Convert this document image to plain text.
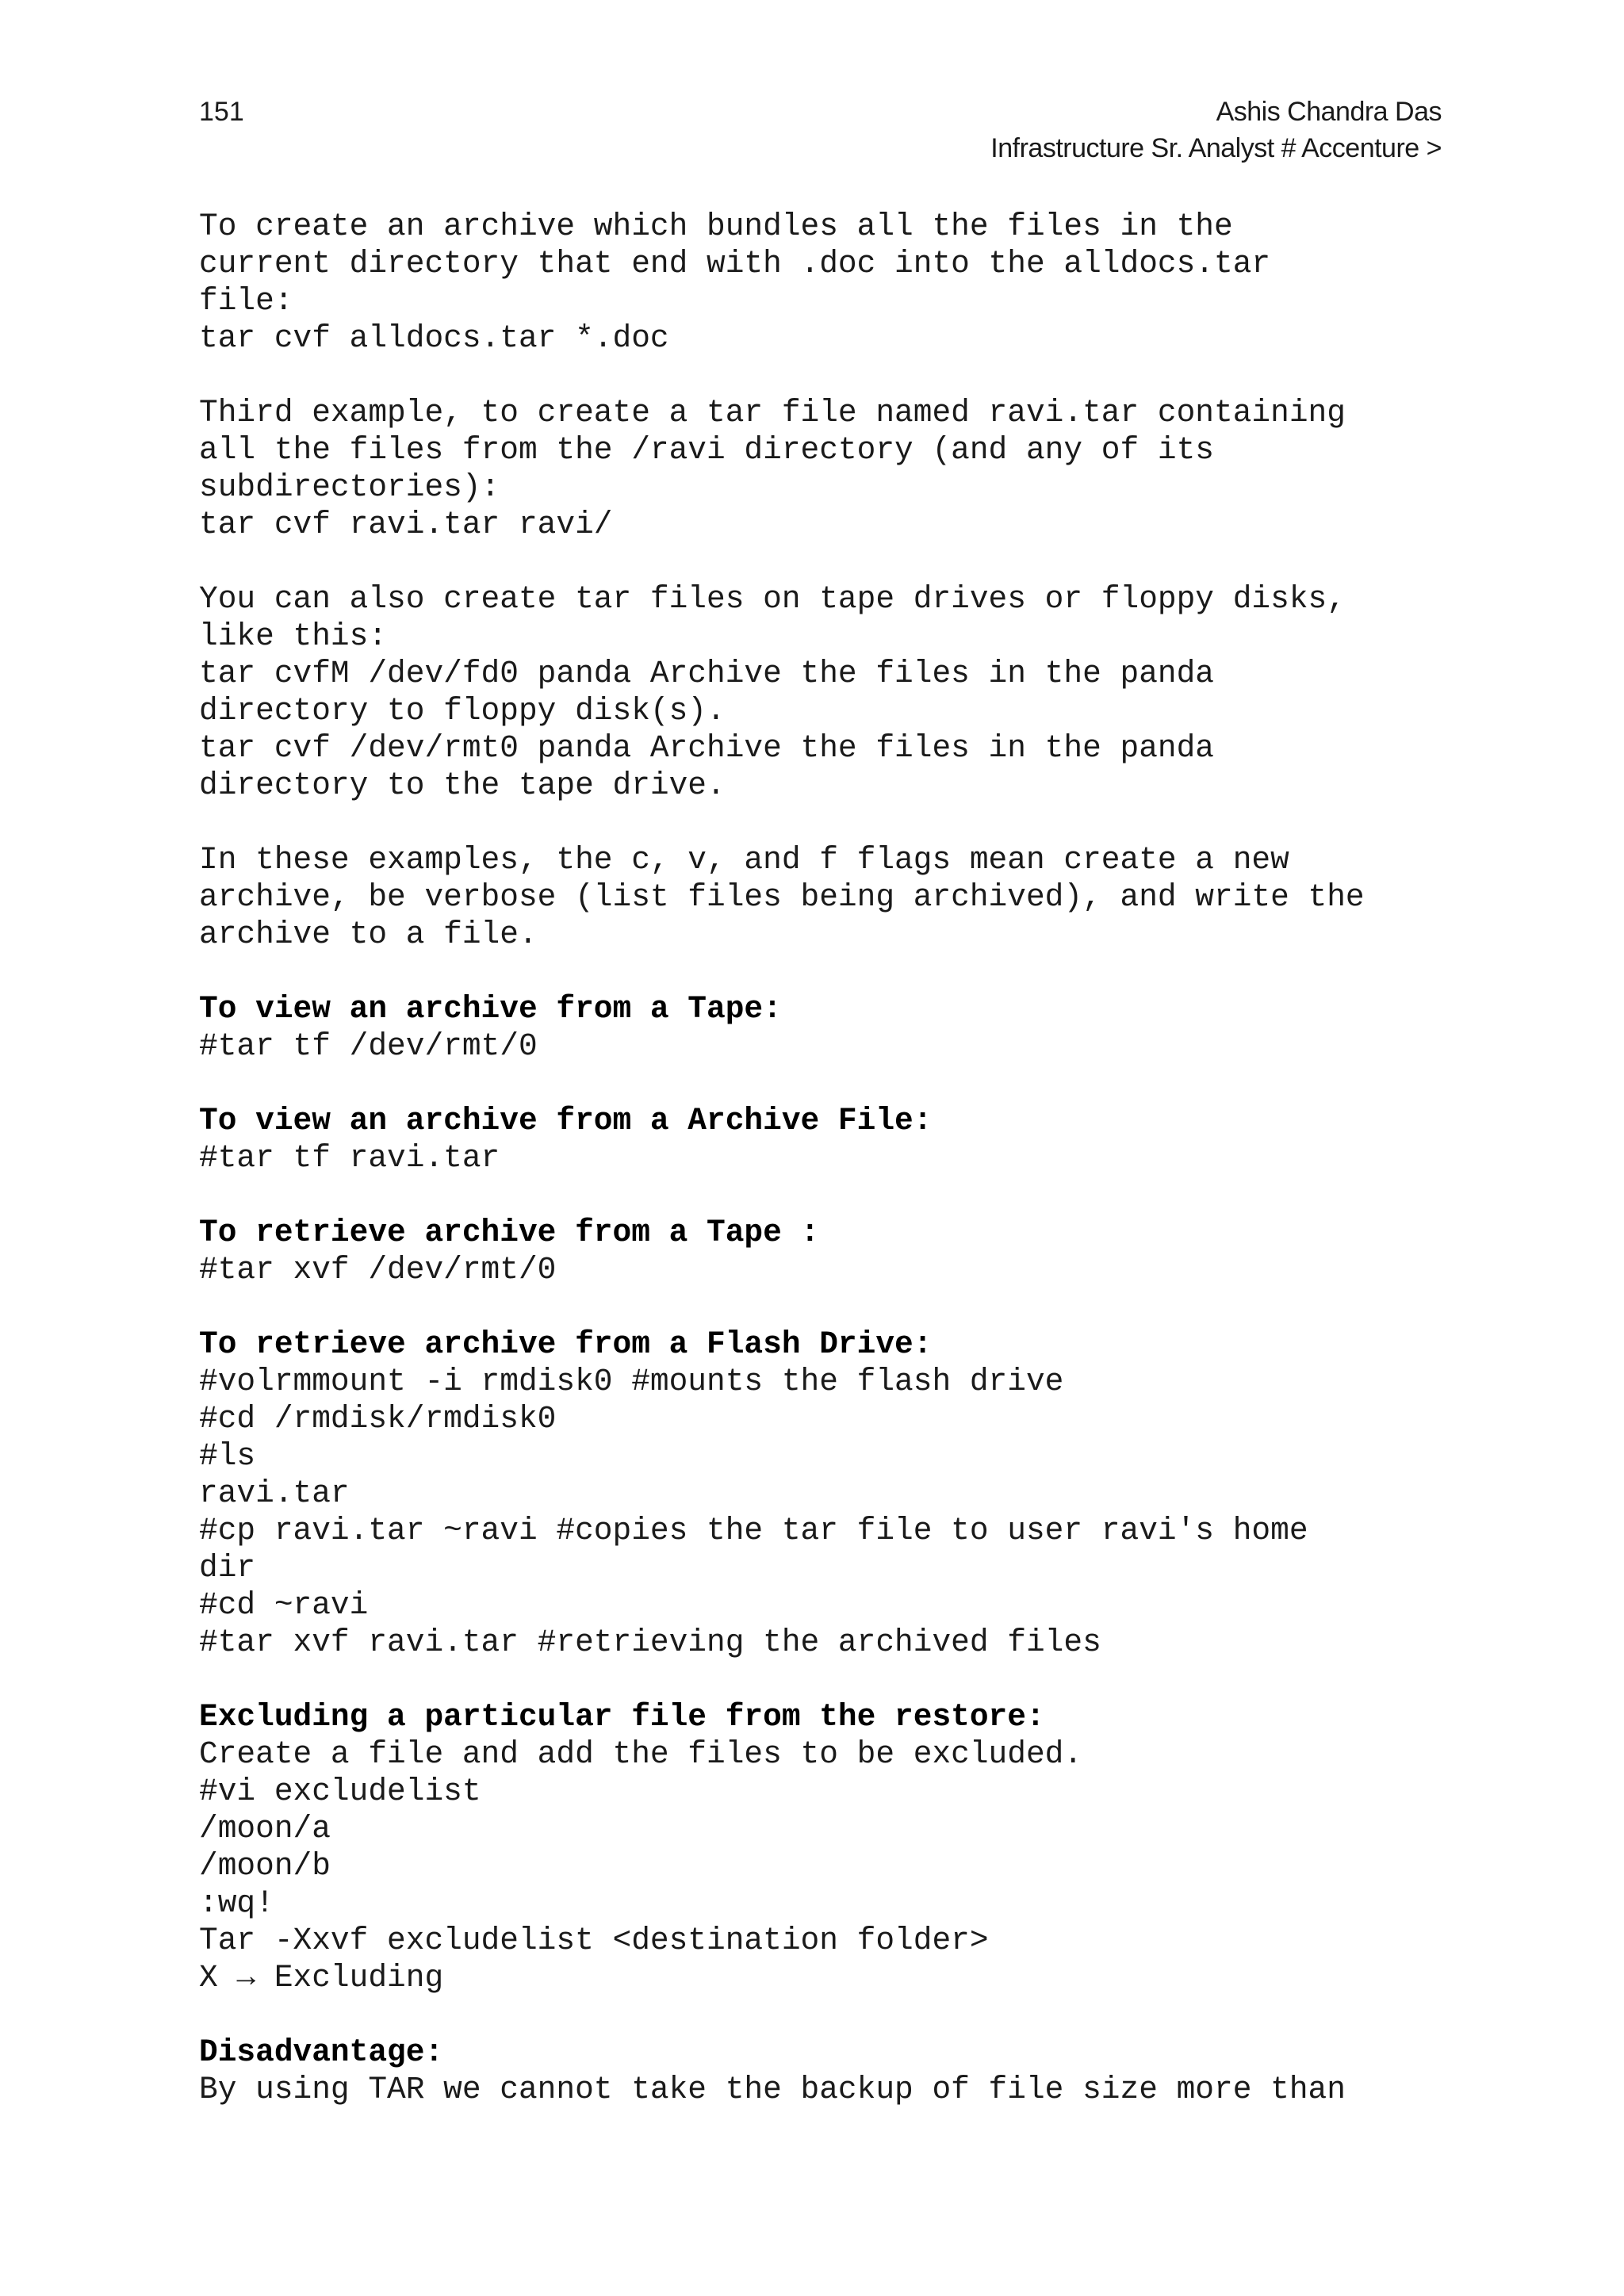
151	Ashis Chandra Das
Infrastructure Sr. Analyst # Accenture >
To create an archive which bundles all the files in the
current directory that end with .doc into the alldocs.tar
file:
tar cvf alldocs.tar *.doc
Third example, to create a tar file named ravi.tar containing
all the files from the /ravi directory (and any of its
subdirectories):
tar cvf ravi.tar ravi/
You can also create tar files on tape drives or floppy disks,
like this:
tar cvfM /dev/fd0 panda Archive the files in the panda
directory to floppy disk(s).
tar cvf /dev/rmt0 panda Archive the files in the panda
directory to the tape drive.
In these examples, the c, v, and f flags mean create a new
archive, be verbose (list files being archived), and write the
archive to a file.
To view an archive from a Tape:
#tar tf /dev/rmt/0
To view an archive from a Archive File:
#tar tf ravi.tar
To retrieve archive from a Tape :
#tar xvf /dev/rmt/0
To retrieve archive from a Flash Drive:
#volrmmount -i rmdisk0 #mounts the flash drive
#cd /rmdisk/rmdisk0
#ls
ravi.tar
#cp ravi.tar ~ravi #copies the tar file to user ravi's home
dir
#cd ~ravi
#tar xvf ravi.tar #retrieving the archived files
Excluding a particular file from the restore:
Create a file and add the files to be excluded.
#vi excludelist
/moon/a
/moon/b
:wq!
Tar -Xxvf excludelist <destination folder>
X → Excluding
Disadvantage:
By using TAR we cannot take the backup of file size more than
